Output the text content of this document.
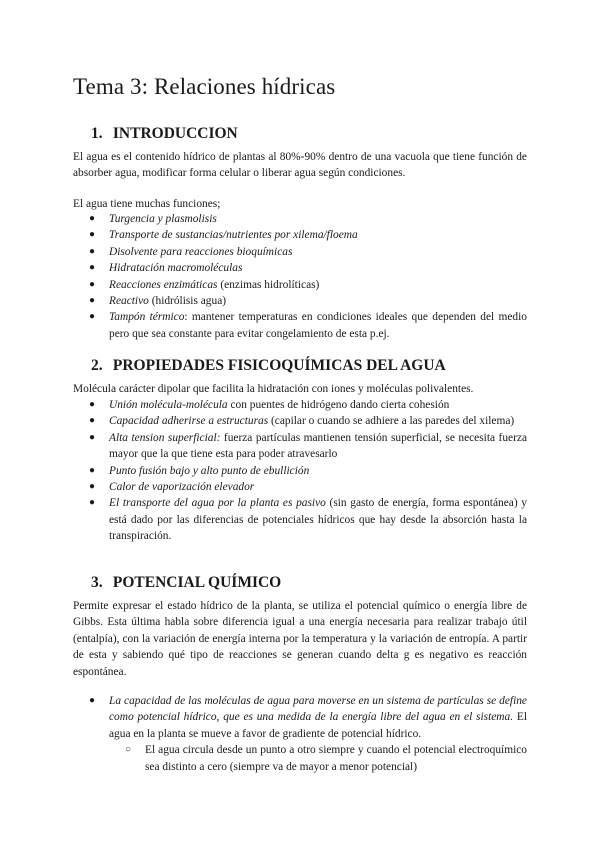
Tema 3: Relaciones hídricas
1. INTRODUCCION

El agua es el contenido hídrico de plantas al 80%-90% dentro de una vacuola que tiene función de absorber agua, modificar forma celular o liberar agua según condiciones.

El agua tiene muchas funciones;

● Turgencia y plasmolisis
● Transporte de sustancias/nutrientes por xilema/floema
● Disolvente para reacciones bioquímicas
● Hidratación macromoléculas
● Reacciones enzimáticas (enzimas hidrolíticas)
● Reactivo (hidrólisis agua)
● Tampón térmico: mantener temperaturas en condiciones ideales que dependen del medio pero que sea constante para evitar congelamiento de esta p.ej.
2. PROPIEDADES FISICOQUÍMICAS DEL AGUA

Molécula carácter dipolar que facilita la hidratación con iones y moléculas polivalentes.

● Unión molécula-molécula con puentes de hidrógeno dando cierta cohesión
● Capacidad adherirse a estructuras (capilar o cuando se adhiere a las paredes del xilema)
● Alta tension superficial: fuerza partículas mantienen tensión superficial, se necesita fuerza mayor que la que tiene esta para poder atravesarlo
● Punto fusión bajo y alto punto de ebullición
● Calor de vaporización elevador
● El transporte del agua por la planta es pasivo (sin gasto de energía, forma espontánea) y está dado por las diferencias de potenciales hídricos que hay desde la absorción hasta la transpiración.
3. POTENCIAL QUÍMICO

Permite expresar el estado hídrico de la planta, se utiliza el potencial químico o energía libre de Gibbs. Esta última habla sobre diferencia igual a una energía necesaria para realizar trabajo útil (entalpía), con la variación de energía interna por la temperatura y la variación de entropía. A partir de esta y sabiendo qué tipo de reacciones se generan cuando delta g es negativo es reacción espontánea.

● La capacidad de las moléculas de agua para moverse en un sistema de partículas se define como potencial hídrico, que es una medida de la energía libre del agua en el sistema. El agua en la planta se mueve a favor de gradiente de potencial hídrico.
○ El agua circula desde un punto a otro siempre y cuando el potencial electroquímico sea distinto a cero (siempre va de mayor a menor potencial)
